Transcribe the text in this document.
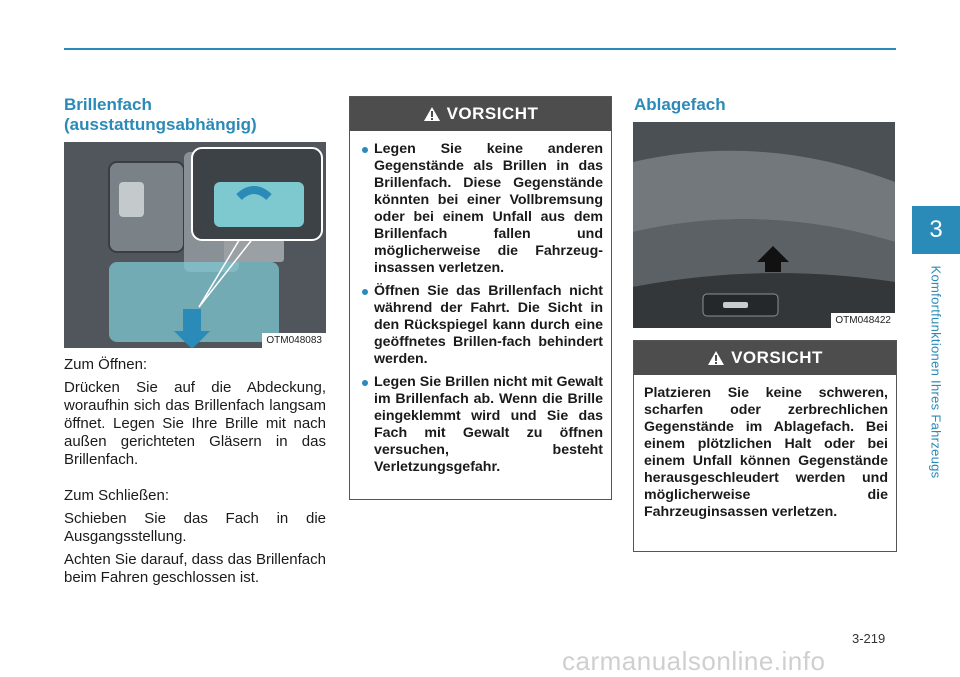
3
Komfortfunktionen Ihres Fahrzeugs
Brillenfach (ausstattungsabhängig)
OTM048083

Zum Öffnen:

Drücken Sie auf die Abdeckung, woraufhin sich das Brillenfach langsam öffnet. Legen Sie Ihre Brille mit nach außen gerichteten Gläsern in das Brillenfach.

Zum Schließen:

Schieben Sie das Fach in die Ausgangsstellung.

Achten Sie darauf, dass das Brillenfach beim Fahren geschlossen ist.

VORSICHT
Legen Sie keine anderen Gegenstände als Brillen in das Brillenfach. Diese Gegenstände könnten bei einer Vollbremsung oder bei einem Unfall aus dem Brillenfach fallen und möglicherweise die Fahrzeug-insassen verletzen.
Öffnen Sie das Brillenfach nicht während der Fahrt. Die Sicht in den Rückspiegel kann durch eine geöffnetes Brillen-fach behindert werden.
Legen Sie Brillen nicht mit Gewalt im Brillenfach ab. Wenn die Brille eingeklemmt wird und Sie das Fach mit Gewalt zu öffnen versuchen, besteht Verletzungsgefahr.
Ablagefach
OTM048422
VORSICHT

Platzieren Sie keine schweren, scharfen oder zerbrechlichen Gegenstände im Ablagefach. Bei einem plötzlichen Halt oder bei einem Unfall können Gegenstände herausgeschleudert werden und möglicherweise die Fahrzeuginsassen verletzen.

3-219
carmanualsonline.info
